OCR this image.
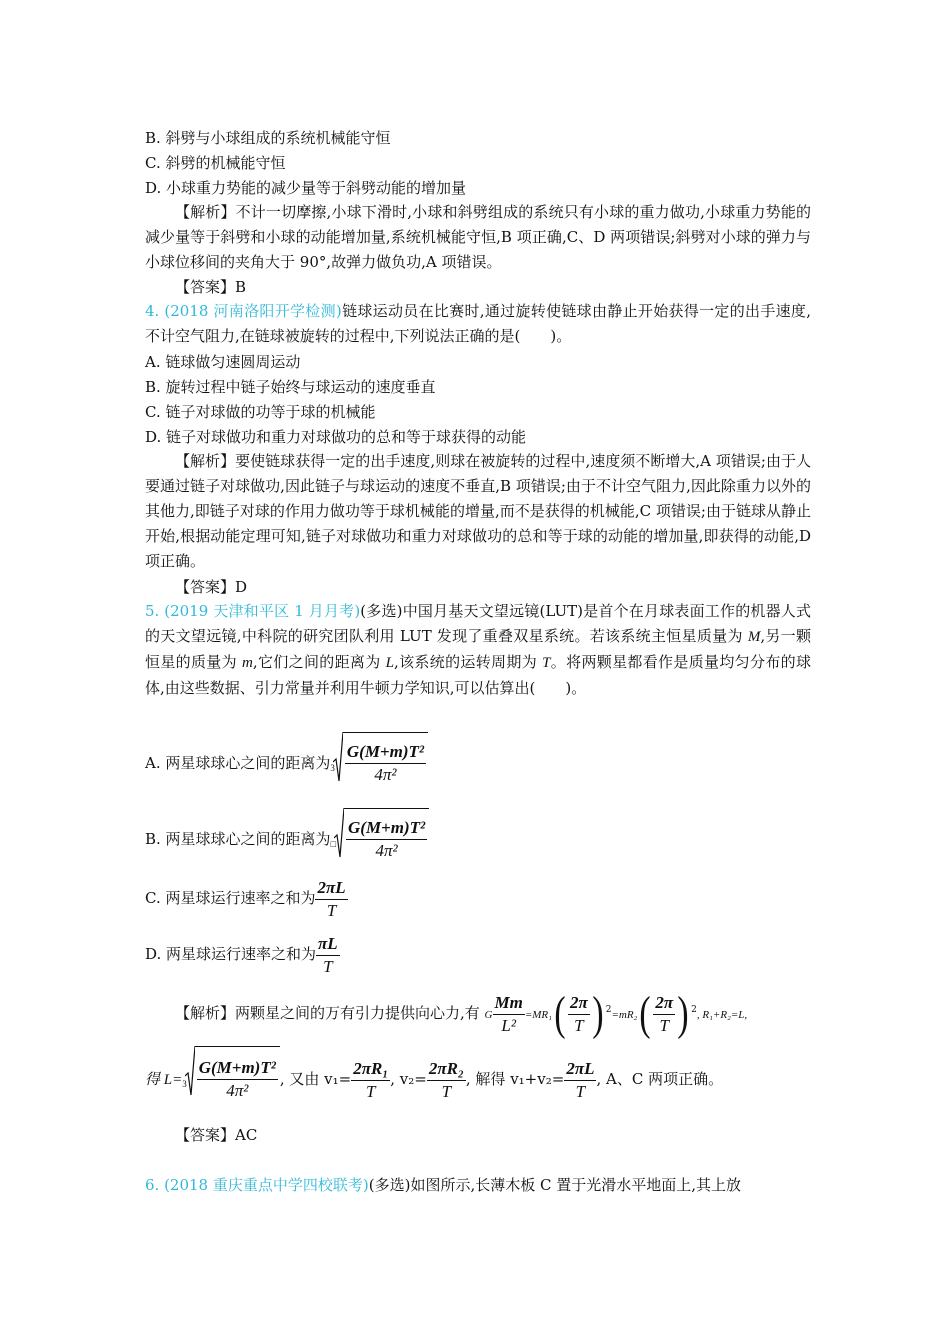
B. 斜劈与小球组成的系统机械能守恒
C. 斜劈的机械能守恒
D. 小球重力势能的减少量等于斜劈动能的增加量
【解析】不计一切摩擦,小球下滑时,小球和斜劈组成的系统只有小球的重力做功,小球重力势能的减少量等于斜劈和小球的动能增加量,系统机械能守恒,B 项正确,C、D 两项错误;斜劈对小球的弹力与小球位移间的夹角大于 90°,故弹力做负功,A 项错误。
【答案】B
4. (2018 河南洛阳开学检测)链球运动员在比赛时,通过旋转使链球由静止开始获得一定的出手速度,不计空气阻力,在链球被旋转的过程中,下列说法正确的是(　　)。
A. 链球做匀速圆周运动
B. 旋转过程中链子始终与球运动的速度垂直
C. 链子对球做的功等于球的机械能
D. 链子对球做功和重力对球做功的总和等于球获得的动能
【解析】要使链球获得一定的出手速度,则球在被旋转的过程中,速度须不断增大,A 项错误;由于人要通过链子对球做功,因此链子与球运动的速度不垂直,B 项错误;由于不计空气阻力,因此除重力以外的其他力,即链子对球的作用力做功等于球机械能的增量,而不是获得的机械能,C 项错误;由于链球从静止开始,根据动能定理可知,链子对球做功和重力对球做功的总和等于球的动能的增加量,即获得的动能,D 项正确。
【答案】D
5. (2019 天津和平区 1 月月考)(多选)中国月基天文望远镜(LUT)是首个在月球表面工作的机器人式的天文望远镜,中科院的研究团队利用 LUT 发现了重叠双星系统。若该系统主恒星质量为 M,另一颗恒星的质量为 m,它们之间的距离为 L,该系统的运转周期为 T。将两颗星都看作是质量均匀分布的球体,由这些数据、引力常量并利用牛顿力学知识,可以估算出(　　)。
A. 两星球球心之间的距离为 $3 \frac{\text{G(M+m)T²}}{\text{4π²}}$
B. 两星球球心之间的距离为 □ $\frac{\text{G(M+m)T²}}{\text{4π²}}$
C. 两星球运行速率之和为 $\frac{2\pi L}{T}$
D. 两星球运行速率之和为 $\frac{\pi L}{T}$
【解析】两颗星之间的万有引力提供向心力,有 G $\frac{Mm}{\text{L²}} =MR_1( \frac{2\pi}{T}$ ) $^2=mR_2( \frac{2\pi}{T}$ ) $^2$, R₁+R₂=L,
得 $L= 3 \frac{\text{G(M+m)T²}}{\text{4π²}}$ , 又由 $v_1= \frac{\text{2πR₁}}{T}$ , $v_2= \frac{\text{2πR₂}}{T}$ , 解得 $v_1+v_2= \frac{2\pi L}{T}$ , A、C 两项正确。
【答案】AC
6. (2018 重庆重点中学四校联考)(多选)如图所示,长薄木板 C 置于光滑水平地面上,其上放
